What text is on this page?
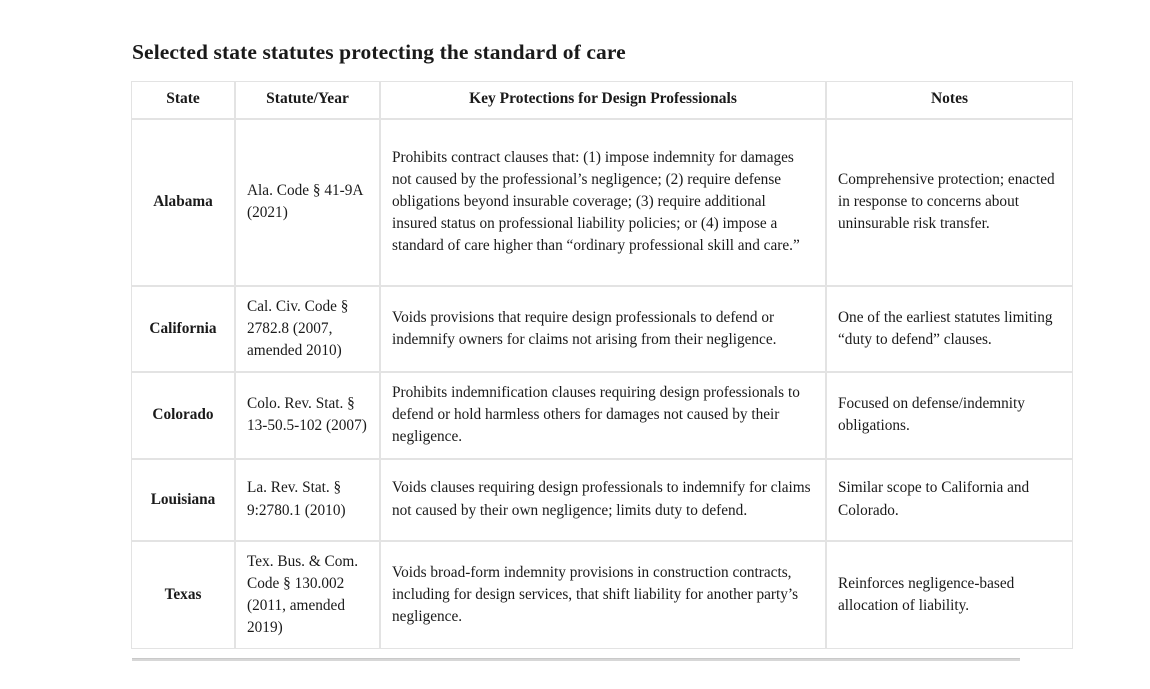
Selected state statutes protecting the standard of care
State	Statute/Year	Key Protections for Design Professionals	Notes
Alabama	Ala. Code § 41-9A (2021)	Prohibits contract clauses that: (1) impose indemnity for damages not caused by the professional’s negligence; (2) require defense obligations beyond insurable coverage; (3) require additional insured status on professional liability policies; or (4) impose a standard of care higher than “ordinary professional skill and care.”	Comprehensive protection; enacted in response to concerns about uninsurable risk transfer.
California	Cal. Civ. Code § 2782.8 (2007, amended 2010)	Voids provisions that require design professionals to defend or indemnify owners for claims not arising from their negligence.	One of the earliest statutes limiting “duty to defend” clauses.
Colorado	Colo. Rev. Stat. § 13-50.5-102 (2007)	Prohibits indemnification clauses requiring design professionals to defend or hold harmless others for damages not caused by their negligence.	Focused on defense/indemnity obligations.
Louisiana	La. Rev. Stat. § 9:2780.1 (2010)	Voids clauses requiring design professionals to indemnify for claims not caused by their own negligence; limits duty to defend.	Similar scope to California and Colorado.
Texas	Tex. Bus. & Com. Code § 130.002 (2011, amended 2019)	Voids broad-form indemnity provisions in construction contracts, including for design services, that shift liability for another party’s negligence.	Reinforces negligence-based allocation of liability.
